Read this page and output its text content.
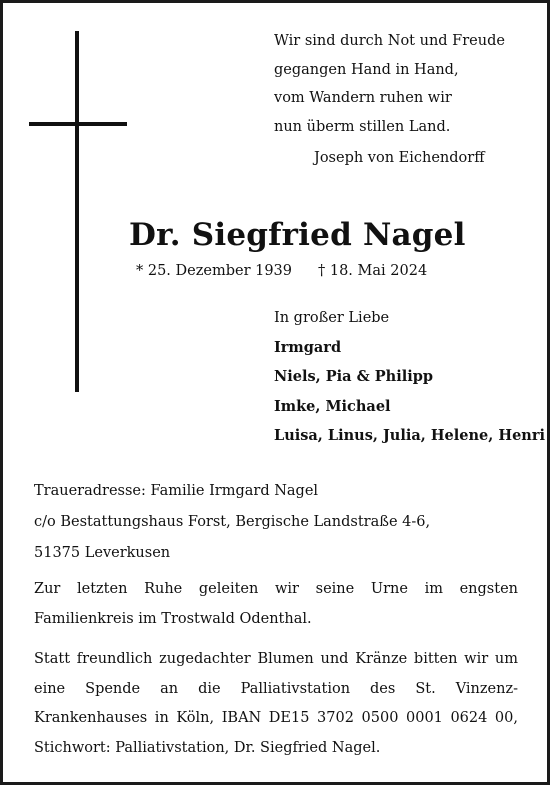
Wir sind durch Not und Freude
gegangen Hand in Hand,
vom Wandern ruhen wir
nun überm stillen Land.
Joseph von Eichendorff
Dr. Siegfried Nagel
* 25. Dezember 1939 † 18. Mai 2024
In großer Liebe
Irmgard
Niels, Pia & Philipp
Imke, Michael
Luisa, Linus, Julia, Helene, Henri
Traueradresse: Familie Irmgard Nagel
c/o Bestattungshaus Forst, Bergische Landstraße 4-6,
51375 Leverkusen
Zur letzten Ruhe geleiten wir seine Urne im engsten Familienkreis im Trostwald Odenthal.
Statt freundlich zugedachter Blumen und Kränze bitten wir um eine Spende an die Palliativstation des St. Vinzenz-Krankenhauses in Köln, IBAN DE15 3702 0500 0001 0624 00, Stichwort: Palliativstation, Dr. Siegfried Nagel.
